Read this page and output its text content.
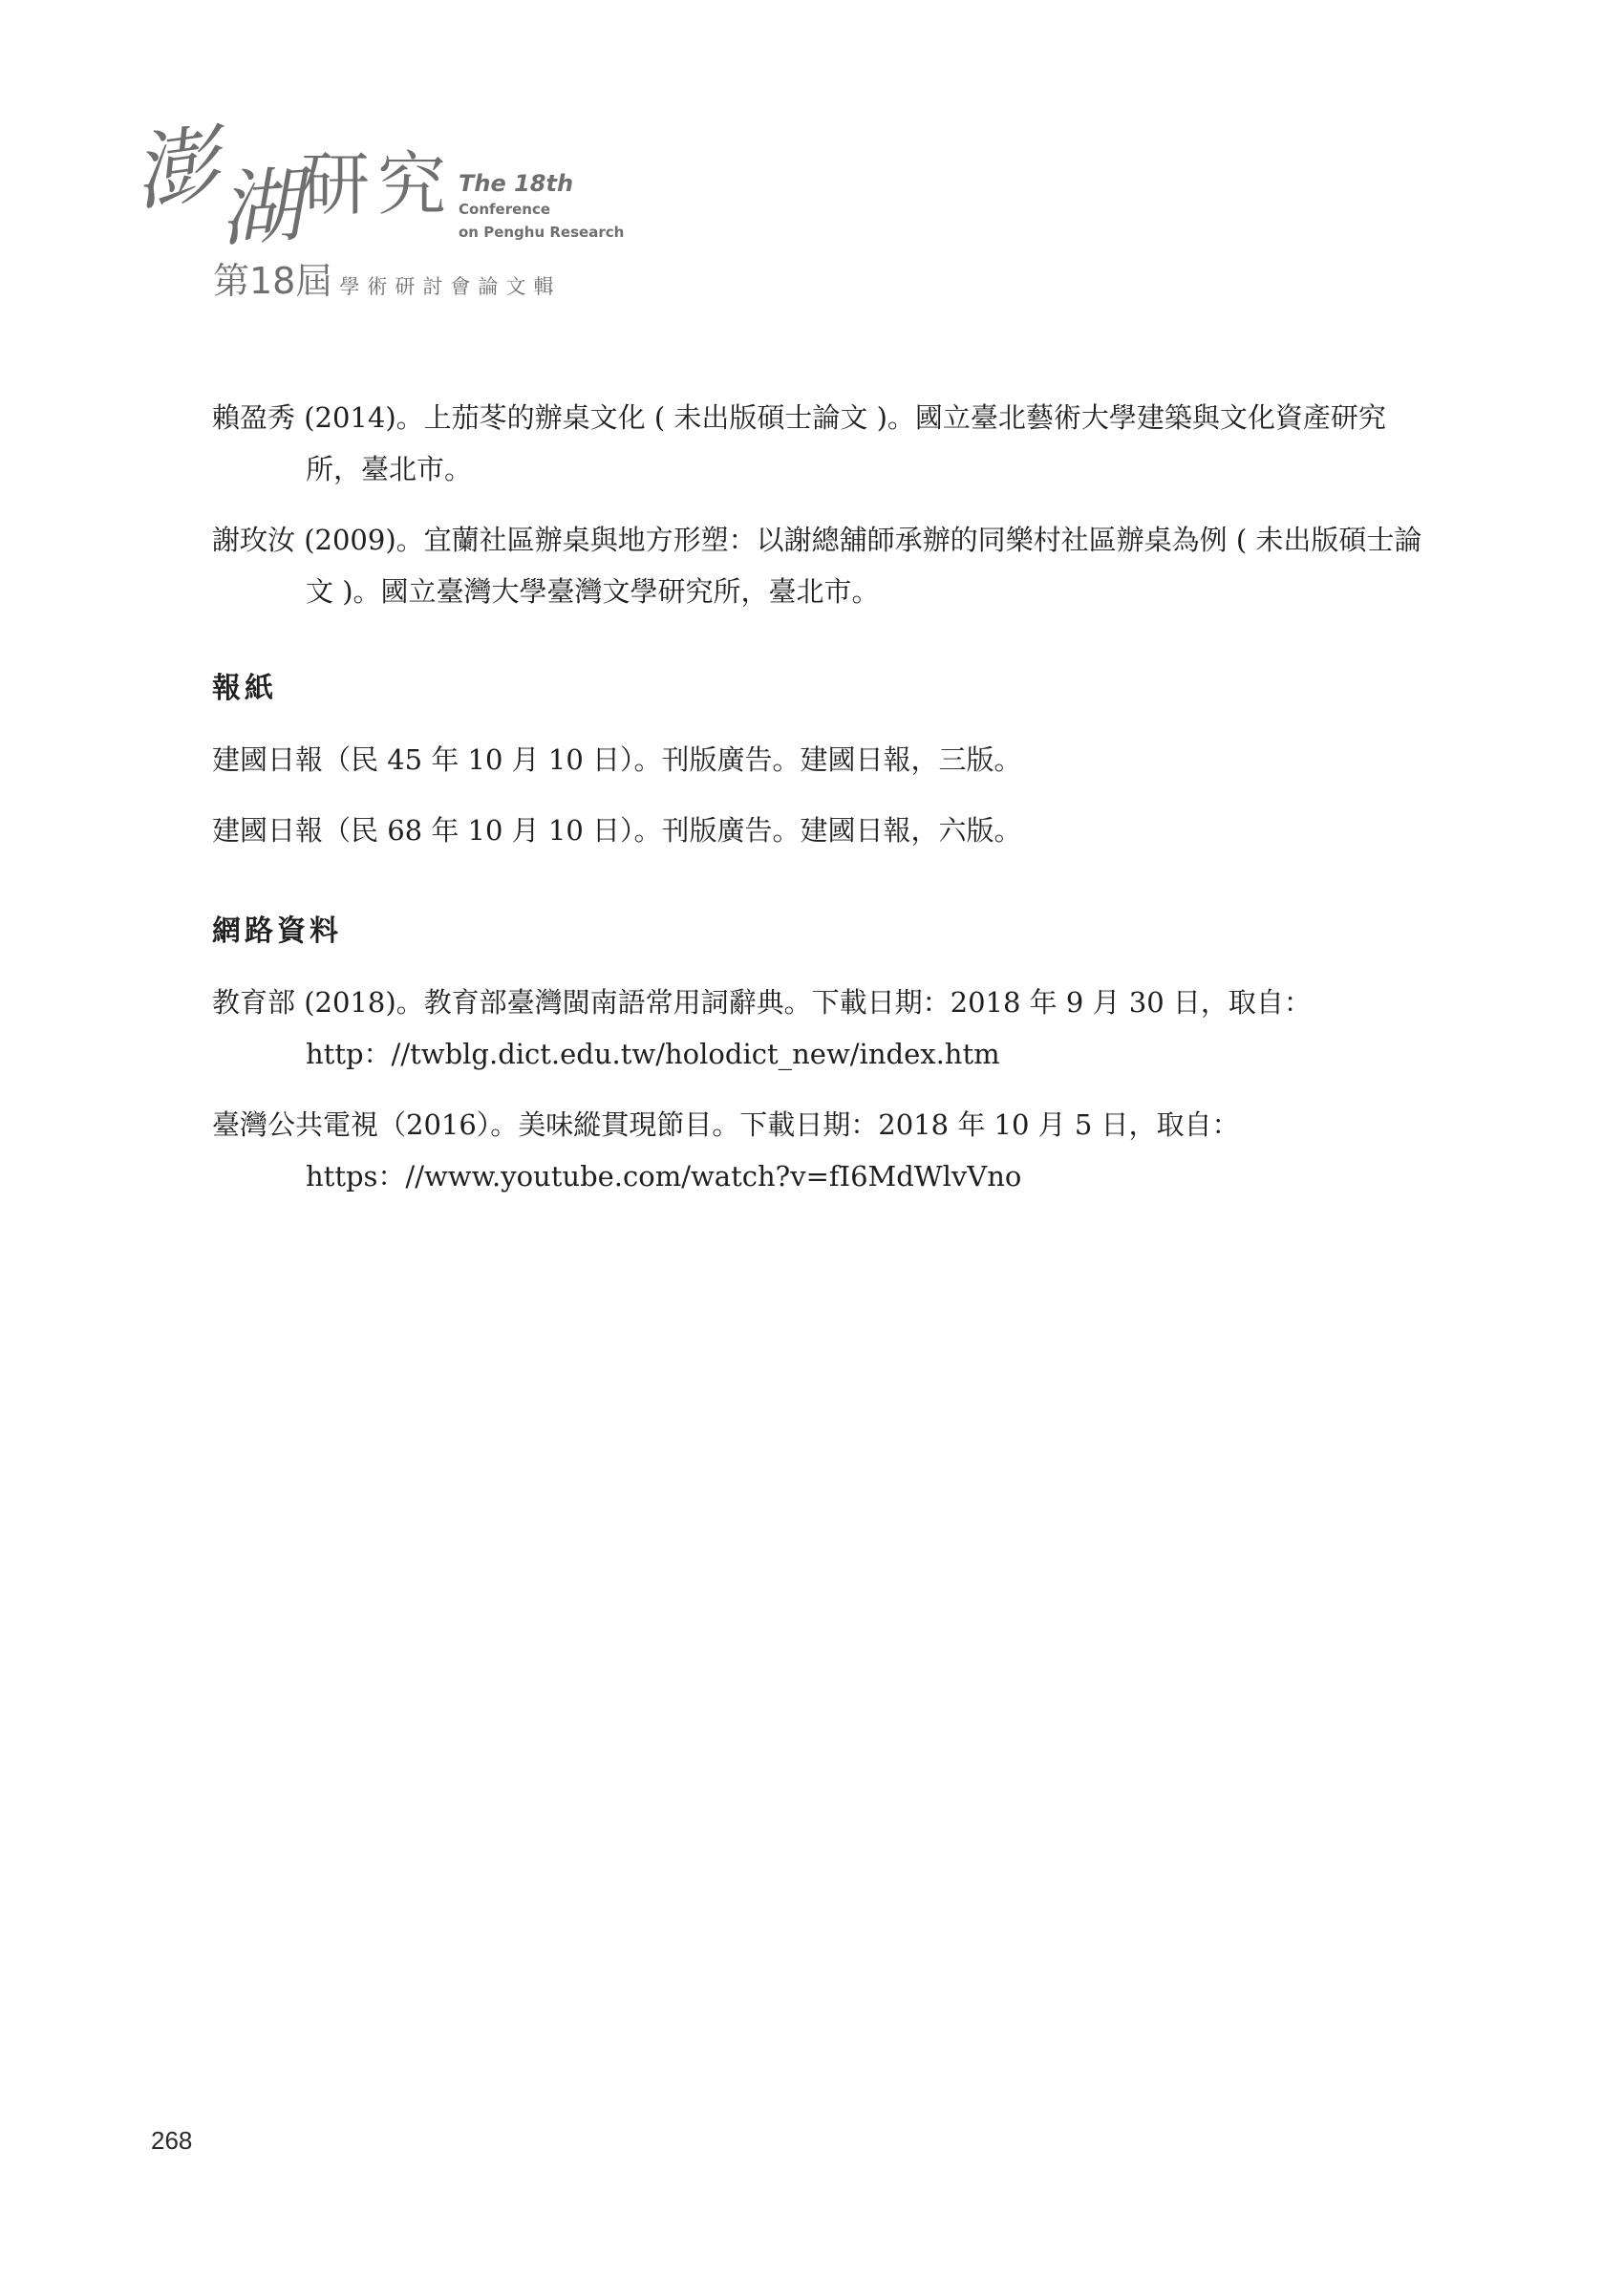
澎
湖
研 究 The 18th
Conference
on Penghu Research
第18屆 學術研討會論文輯

賴盈秀 (2014)。上茄苳的辦桌文化 ( 未出版碩士論文 )。國立臺北藝術大學建築與文化資產研究所，臺北市。

謝玫汝 (2009)。宜蘭社區辦桌與地方形塑：以謝總舖師承辦的同樂村社區辦桌為例 ( 未出版碩士論文 )。國立臺灣大學臺灣文學研究所，臺北市。

報紙

建國日報（民 45 年 10 月 10 日）。刊版廣告。建國日報，三版。

建國日報（民 68 年 10 月 10 日）。刊版廣告。建國日報，六版。

網路資料

教育部 (2018)。教育部臺灣閩南語常用詞辭典。下載日期：2018 年 9 月 30 日，取自：http：//twblg.dict.edu.tw/holodict_new/index.htm

臺灣公共電視（2016）。美味縱貫現節目。下載日期：2018 年 10 月 5 日，取自：https：//www.youtube.com/watch?v=fI6MdWlvVno

268
